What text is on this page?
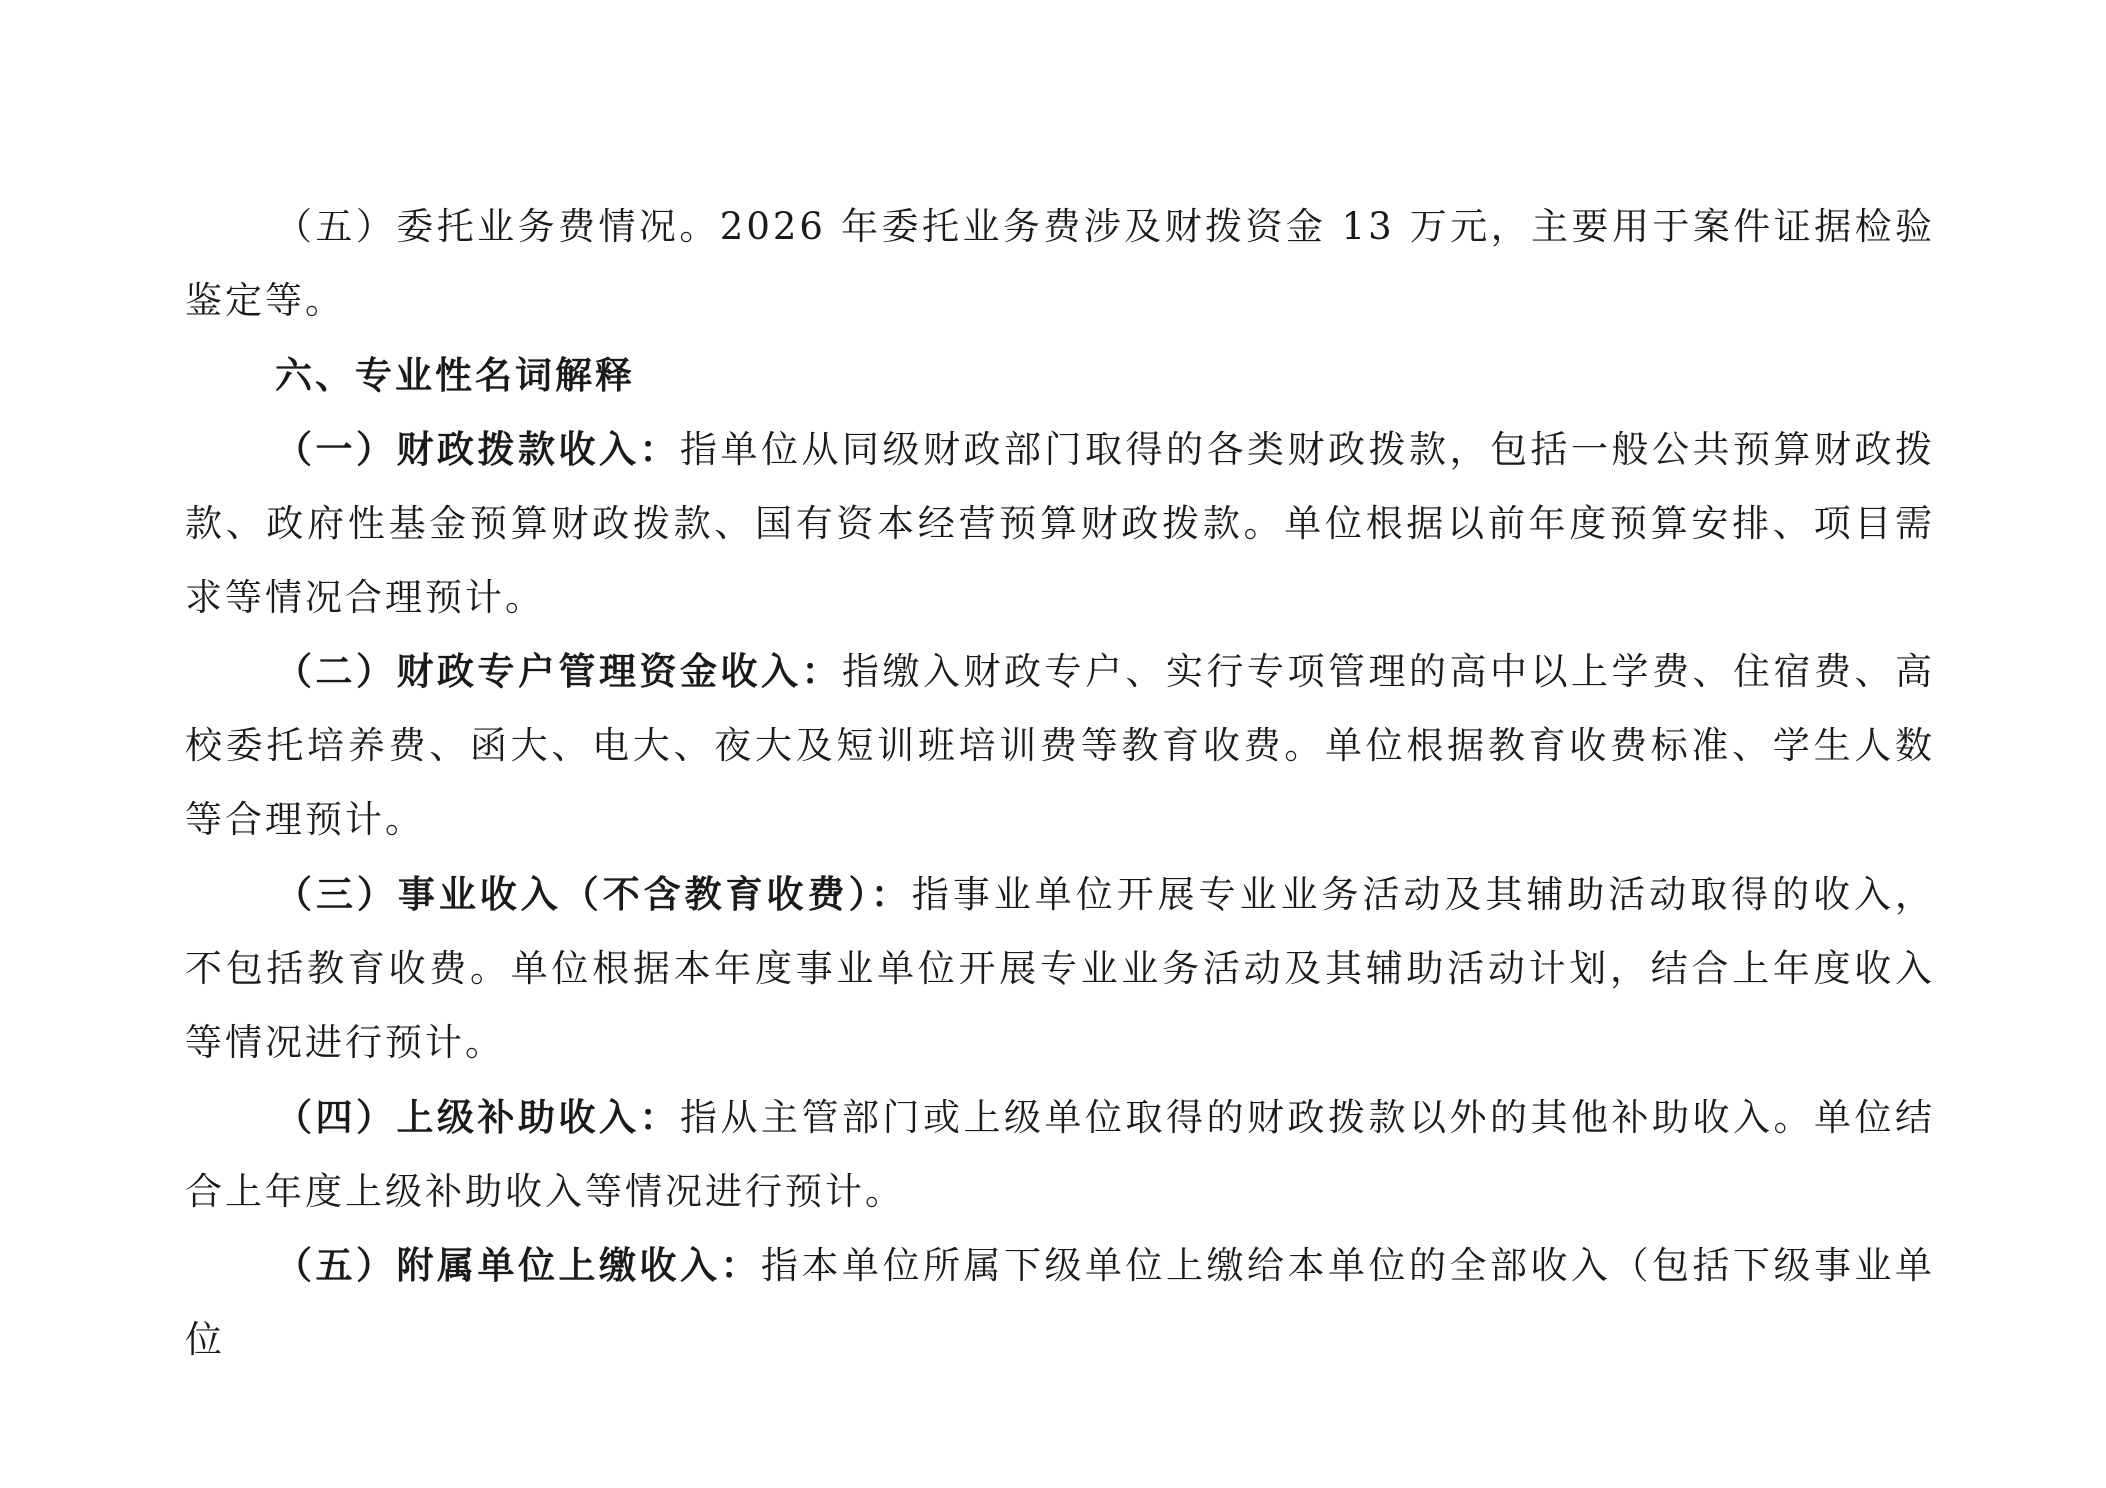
（五）委托业务费情况。2026 年委托业务费涉及财拨资金 13 万元，主要用于案件证据检验鉴定等。

六、专业性名词解释

（一）财政拨款收入：指单位从同级财政部门取得的各类财政拨款，包括一般公共预算财政拨款、政府性基金预算财政拨款、国有资本经营预算财政拨款。单位根据以前年度预算安排、项目需求等情况合理预计。

（二）财政专户管理资金收入：指缴入财政专户、实行专项管理的高中以上学费、住宿费、高校委托培养费、函大、电大、夜大及短训班培训费等教育收费。单位根据教育收费标准、学生人数等合理预计。

（三）事业收入（不含教育收费）：指事业单位开展专业业务活动及其辅助活动取得的收入，不包括教育收费。单位根据本年度事业单位开展专业业务活动及其辅助活动计划，结合上年度收入等情况进行预计。

（四）上级补助收入：指从主管部门或上级单位取得的财政拨款以外的其他补助收入。单位结合上年度上级补助收入等情况进行预计。

（五）附属单位上缴收入：指本单位所属下级单位上缴给本单位的全部收入（包括下级事业单位
